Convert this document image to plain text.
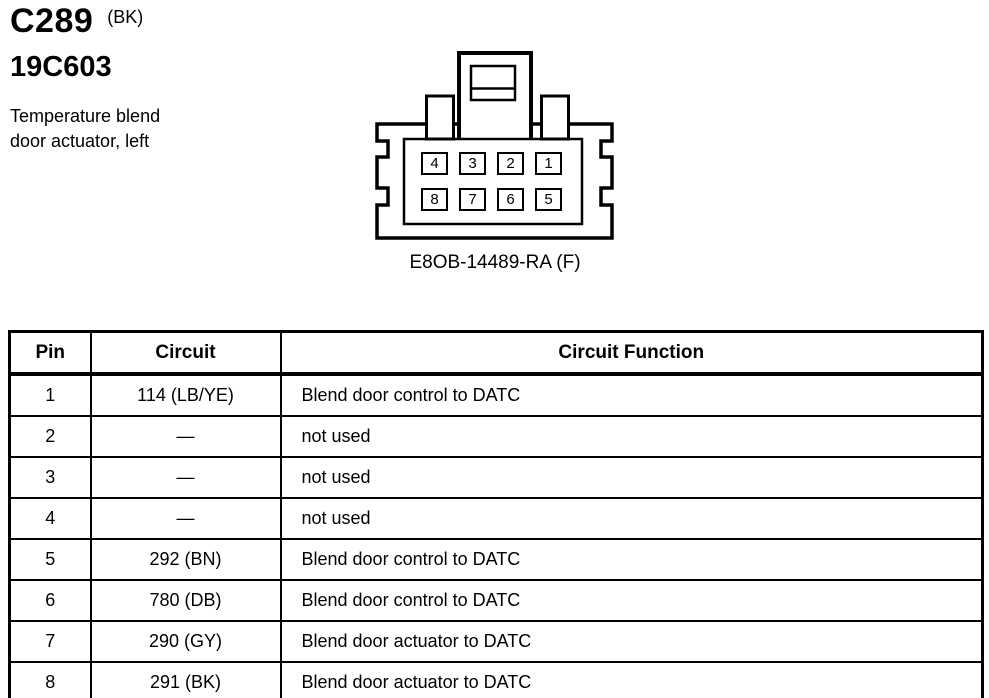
C289 (BK)
19C603
Temperature blend
door actuator, left
4	3	2	1
8	7	6	5
E8OB-14489-RA (F)
Pin	Circuit	Circuit Function
1	114 (LB/YE)	Blend door control to DATC
2	—	not used
3	—	not used
4	—	not used
5	292 (BN)	Blend door control to DATC
6	780 (DB)	Blend door control to DATC
7	290 (GY)	Blend door actuator to DATC
8	291 (BK)	Blend door actuator to DATC
